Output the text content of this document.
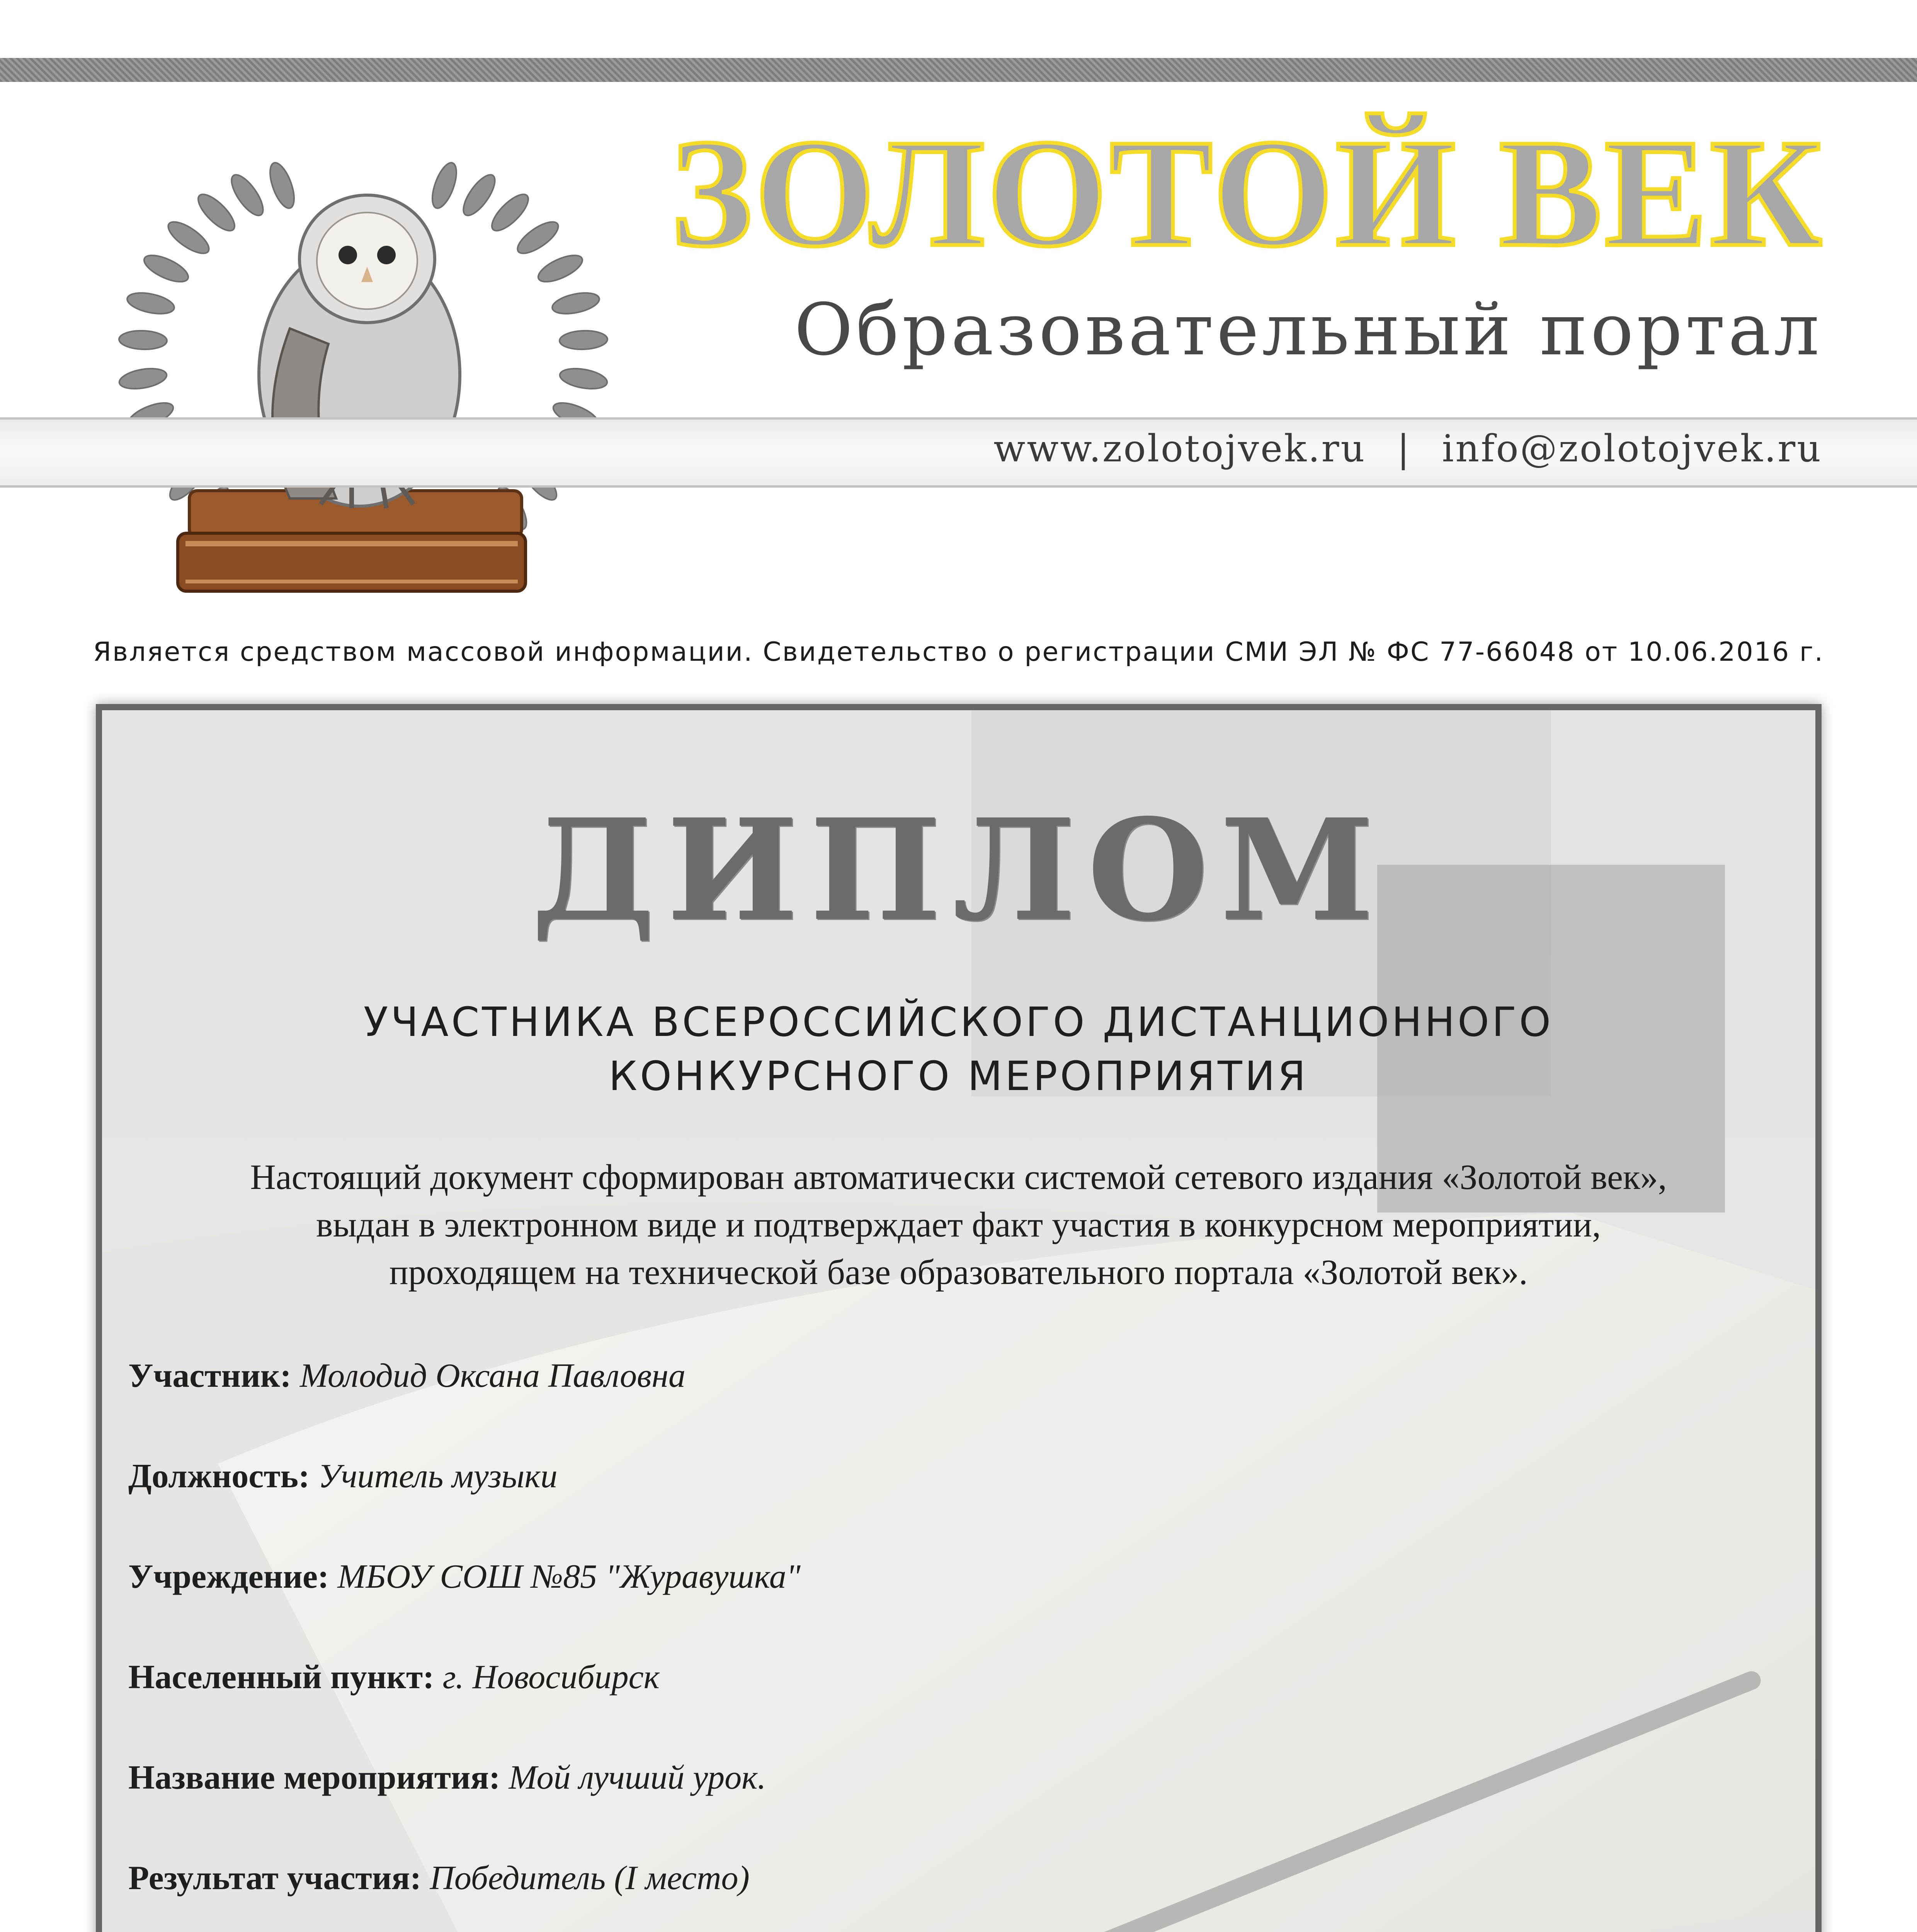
ЗОЛОТОЙ ВЕК
Образовательный портал
www.zolotojvek.ru | info@zolotojvek.ru
Является средством массовой информации. Свидетельство о регистрации СМИ ЭЛ № ФС 77-66048 от 10.06.2016 г.
ДИПЛОМ
УЧАСТНИКА ВСЕРОССИЙСКОГО ДИСТАНЦИОННОГО
КОНКУРСНОГО МЕРОПРИЯТИЯ
Настоящий документ сформирован автоматически системой сетевого издания «Золотой век»,
выдан в электронном виде и подтверждает факт участия в конкурсном мероприятии,
проходящем на технической базе образовательного портала «Золотой век».
Участник: Молодид Оксана Павловна
Должность: Учитель музыки
Учреждение: МБОУ СОШ №85 "Журавушка"
Населенный пункт: г. Новосибирск
Название мероприятия: Мой лучший урок.
Результат участия: Победитель (I место)
